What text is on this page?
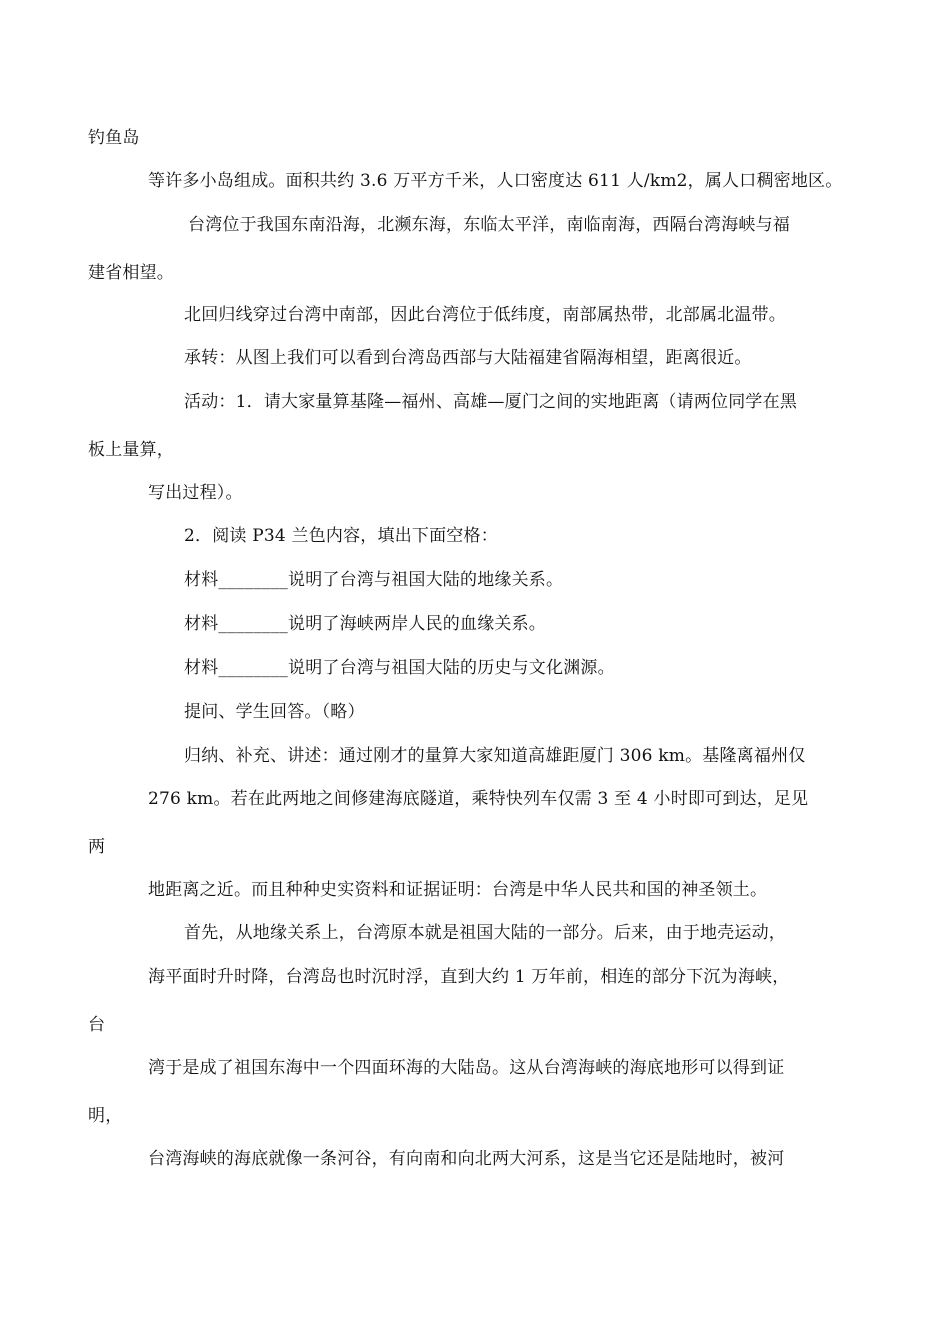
钓鱼岛
等许多小岛组成。面积共约 3.6 万平方千米，人口密度达 611 人/km2，属人口稠密地区。
台湾位于我国东南沿海，北濒东海，东临太平洋，南临南海，西隔台湾海峡与福
建省相望。
北回归线穿过台湾中南部，因此台湾位于低纬度，南部属热带，北部属北温带。
承转：从图上我们可以看到台湾岛西部与大陆福建省隔海相望，距离很近。
活动：1．请大家量算基隆—福州、高雄—厦门之间的实地距离（请两位同学在黑
板上量算，
写出过程）。
2．阅读 P34 兰色内容，填出下面空格：
材料________说明了台湾与祖国大陆的地缘关系。
材料________说明了海峡两岸人民的血缘关系。
材料________说明了台湾与祖国大陆的历史与文化渊源。
提问、学生回答。（略）
归纳、补充、讲述：通过刚才的量算大家知道高雄距厦门 306 km。基隆离福州仅
276 km。若在此两地之间修建海底隧道，乘特快列车仅需 3 至 4 小时即可到达，足见
两
地距离之近。而且种种史实资料和证据证明：台湾是中华人民共和国的神圣领土。
首先，从地缘关系上，台湾原本就是祖国大陆的一部分。后来，由于地壳运动，
海平面时升时降，台湾岛也时沉时浮，直到大约 1 万年前，相连的部分下沉为海峡，
台
湾于是成了祖国东海中一个四面环海的大陆岛。这从台湾海峡的海底地形可以得到证
明，
台湾海峡的海底就像一条河谷，有向南和向北两大河系，这是当它还是陆地时，被河
